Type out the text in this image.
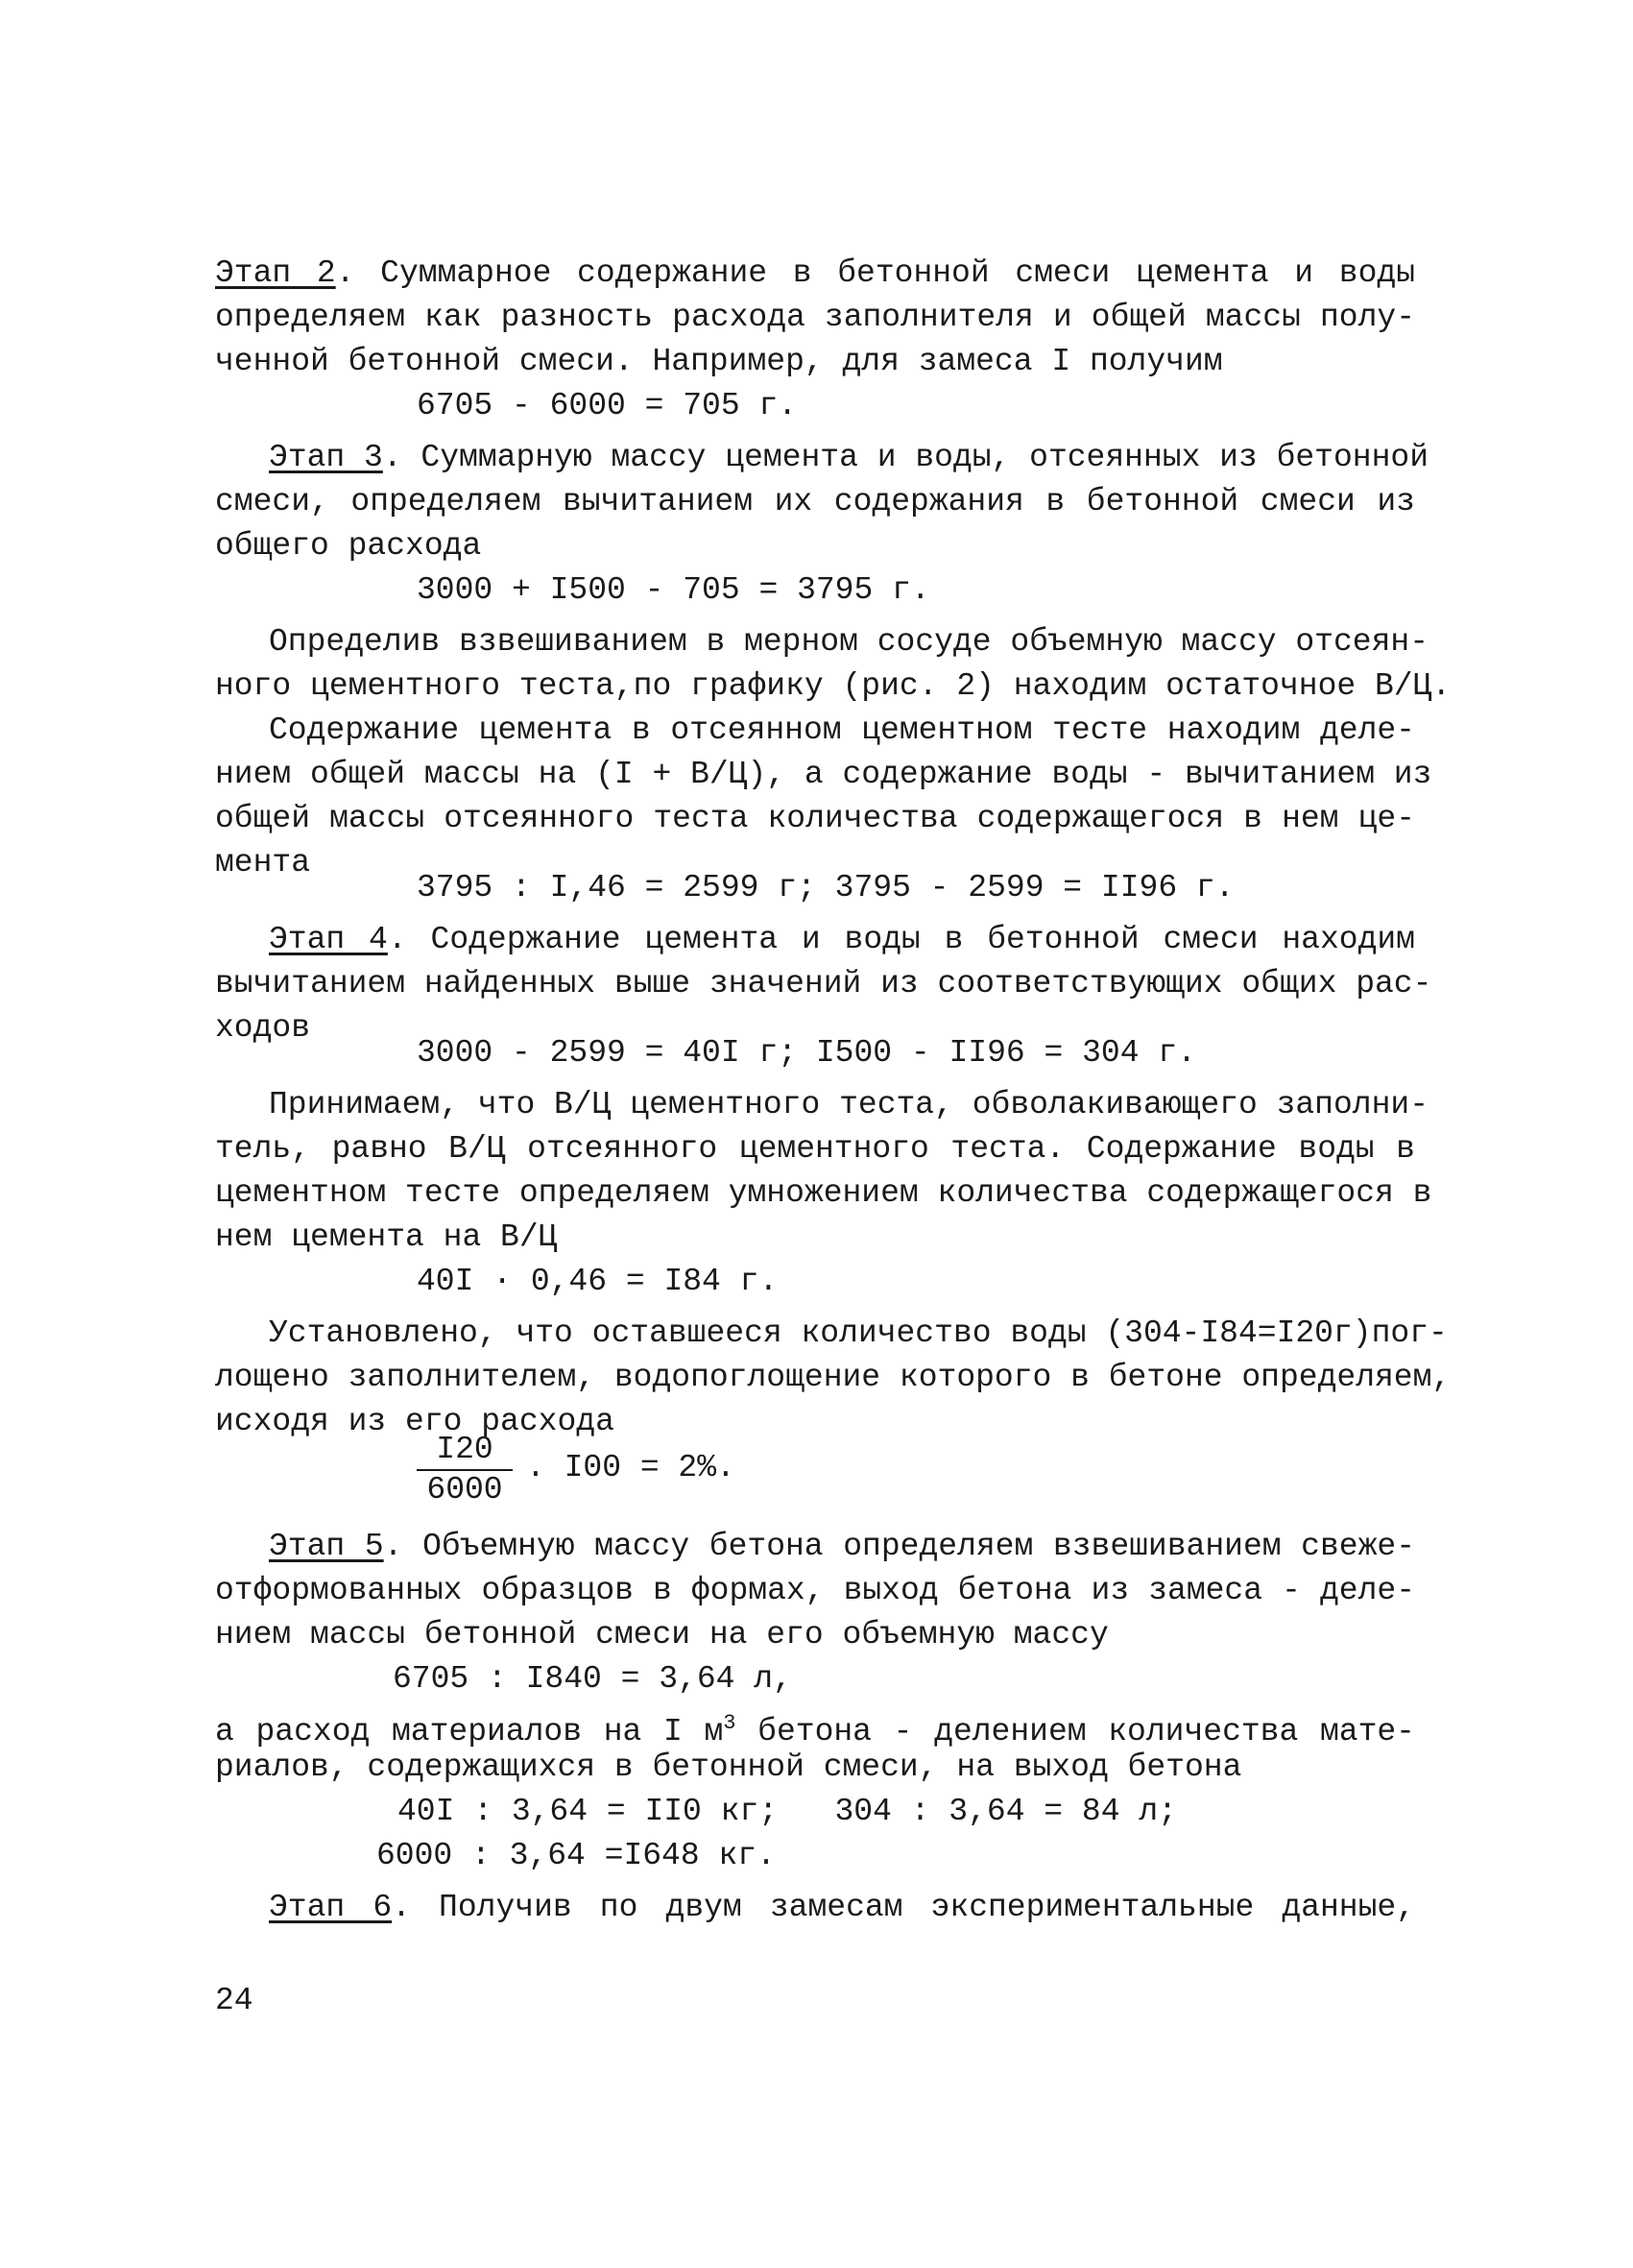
Этап 2. Суммарное содержание в бетонной смеси цемента и воды
определяем как разность расхода заполнителя и общей массы полу-
ченной бетонной смеси. Например, для замеса I получим
6705 - 6000 = 705 г.
Этап 3. Суммарную массу цемента и воды, отсеянных из бетонной
смеси, определяем вычитанием их содержания в бетонной смеси из
общего расхода
3000 + I500 - 705 = 3795 г.
Определив взвешиванием в мерном сосуде объемную массу отсеян-
ного цементного теста,по графику (рис. 2) находим остаточное В/Ц.
Содержание цемента в отсеянном цементном тесте находим деле-
нием общей массы на (I + В/Ц), а содержание воды - вычитанием из
общей массы отсеянного теста количества содержащегося в нем це-
мента
3795 : I,46 = 2599 г; 3795 - 2599 = II96 г.
Этап 4. Содержание цемента и воды в бетонной смеси находим
вычитанием найденных выше значений из соответствующих общих рас-
ходов
3000 - 2599 = 40I г; I500 - II96 = 304 г.
Принимаем, что В/Ц цементного теста, обволакивающего заполни-
тель, равно В/Ц отсеянного цементного теста. Содержание воды в
цементном тесте определяем умножением количества содержащегося в
нем цемента на В/Ц
40I · 0,46 = I84 г.
Установлено, что оставшееся количество воды (304-I84=I20г)пог-
лощено заполнителем, водопоглощение которого в бетоне определяем,
исходя из его расхода
$\frac{I20}{6000}$ . I00 = 2%.
Этап 5. Объемную массу бетона определяем взвешиванием свеже-
отформованных образцов в формах, выход бетона из замеса - деле-
нием массы бетонной смеси на его объемную массу
6705 : I840 = 3,64 л,
а расход материалов на I $м^3$ бетона - делением количества мате-
риалов, содержащихся в бетонной смеси, на выход бетона
40I : 3,64 = II0 кг;   304 : 3,64 = 84 л;
6000 : 3,64 =I648 кг.
Этап 6. Получив по двум замесам экспериментальные данные,
24
